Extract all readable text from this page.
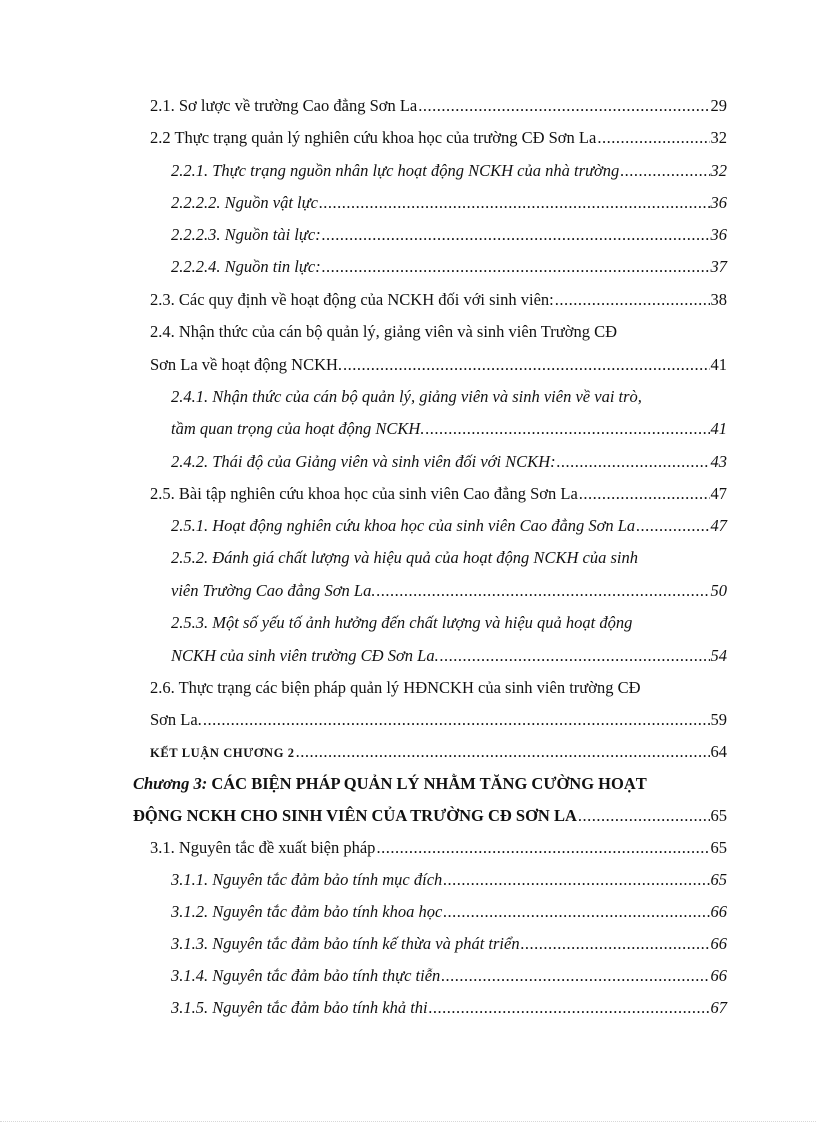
2.1. Sơ lược về trường Cao đẳng Sơn La .....	29
2.2 Thực trạng quản lý nghiên cứu khoa học của trường CĐ Sơn La .....	32
2.2.1. Thực trạng nguồn nhân lực hoạt động NCKH của nhà trường .....	32
2.2.2.2. Nguồn vật lực .....	36
2.2.2.3. Nguồn tài lực: .....	36
2.2.2.4. Nguồn tin lực: .....	37
2.3. Các quy định về hoạt động của NCKH đối với sinh viên: .....	38
2.4. Nhận thức của cán bộ quản lý, giảng viên và sinh viên Trường CĐ
Sơn La về hoạt động NCKH. .....	41
2.4.1. Nhận thức của cán bộ quản lý, giảng viên và sinh viên về vai trò,
tầm quan trọng của hoạt động NCKH. .....	41
2.4.2. Thái độ của Giảng viên và sinh viên đối với NCKH: .....	43
2.5. Bài tập nghiên cứu khoa học của sinh viên Cao đẳng Sơn La .....	47
2.5.1. Hoạt động nghiên cứu khoa học của sinh viên Cao đẳng Sơn La .....	47
2.5.2. Đánh giá chất lượng và hiệu quả của hoạt động NCKH của sinh
viên Trường Cao đẳng Sơn La. .....	50
2.5.3. Một số yếu tố ảnh hưởng đến chất lượng và hiệu quả hoạt động
NCKH của sinh viên trường CĐ Sơn La. .....	54
2.6. Thực trạng các biện pháp quản lý HĐNCKH của sinh viên trường CĐ
Sơn La. .....	59
KẾT LUẬN CHƯƠNG 2 .....	64
Chương 3: CÁC BIỆN PHÁP QUẢN LÝ NHẰM TĂNG CƯỜNG HOẠT
ĐỘNG NCKH CHO SINH VIÊN CỦA TRƯỜNG CĐ SƠN LA .....	65
3.1. Nguyên tắc đề xuất biện pháp .....	65
3.1.1. Nguyên tắc đảm bảo tính mục đích .....	65
3.1.2. Nguyên tắc đảm bảo tính khoa học .....	66
3.1.3. Nguyên tắc đảm bảo tính kế thừa và phát triển .....	66
3.1.4. Nguyên tắc đảm bảo tính thực tiễn .....	66
3.1.5. Nguyên tắc đảm bảo tính khả thi .....	67
